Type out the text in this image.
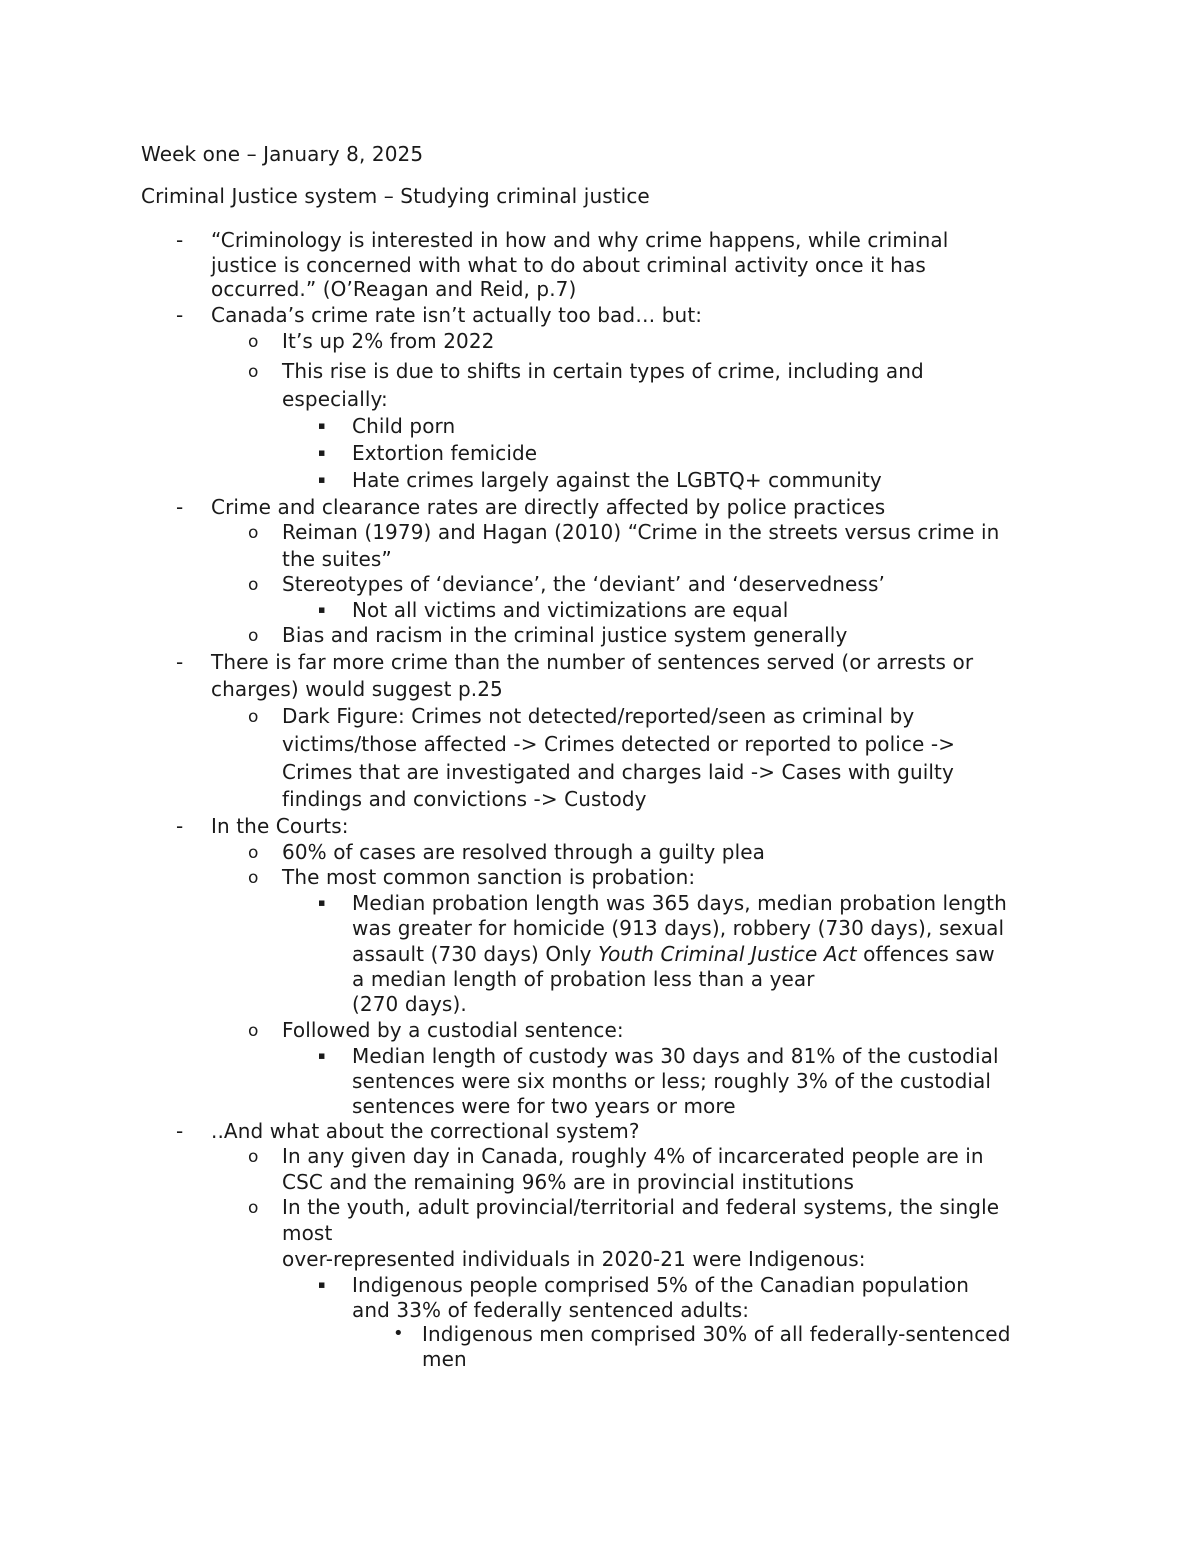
Week one – January 8, 2025
Criminal Justice system – Studying criminal justice
- “Criminology is interested in how and why crime happens, while criminal
justice is concerned with what to do about criminal activity once it has
occurred.” (O’Reagan and Reid, p.7)
- Canada’s crime rate isn’t actually too bad… but:
o It’s up 2% from 2022
o This rise is due to shifts in certain types of crime, including and
especially:
▪ Child porn
▪ Extortion femicide
▪ Hate crimes largely against the LGBTQ+ community
- Crime and clearance rates are directly affected by police practices
o Reiman (1979) and Hagan (2010) “Crime in the streets versus crime in
the suites”
o Stereotypes of ‘deviance’, the ‘deviant’ and ‘deservedness’
▪ Not all victims and victimizations are equal
o Bias and racism in the criminal justice system generally
- There is far more crime than the number of sentences served (or arrests or
charges) would suggest p.25
o Dark Figure: Crimes not detected/reported/seen as criminal by
victims/those affected -> Crimes detected or reported to police ->
Crimes that are investigated and charges laid -> Cases with guilty
findings and convictions -> Custody
- In the Courts:
o 60% of cases are resolved through a guilty plea
o The most common sanction is probation:
▪ Median probation length was 365 days, median probation length
was greater for homicide (913 days), robbery (730 days), sexual
assault (730 days) Only Youth Criminal Justice Act offences saw
a median length of probation less than a year
(270 days).
o Followed by a custodial sentence:
▪ Median length of custody was 30 days and 81% of the custodial
sentences were six months or less; roughly 3% of the custodial
sentences were for two years or more
- ..And what about the correctional system?
o In any given day in Canada, roughly 4% of incarcerated people are in
CSC and the remaining 96% are in provincial institutions
o In the youth, adult provincial/territorial and federal systems, the single
most
over-represented individuals in 2020-21 were Indigenous:
▪ Indigenous people comprised 5% of the Canadian population
and 33% of federally sentenced adults:
• Indigenous men comprised 30% of all federally-sentenced
men
